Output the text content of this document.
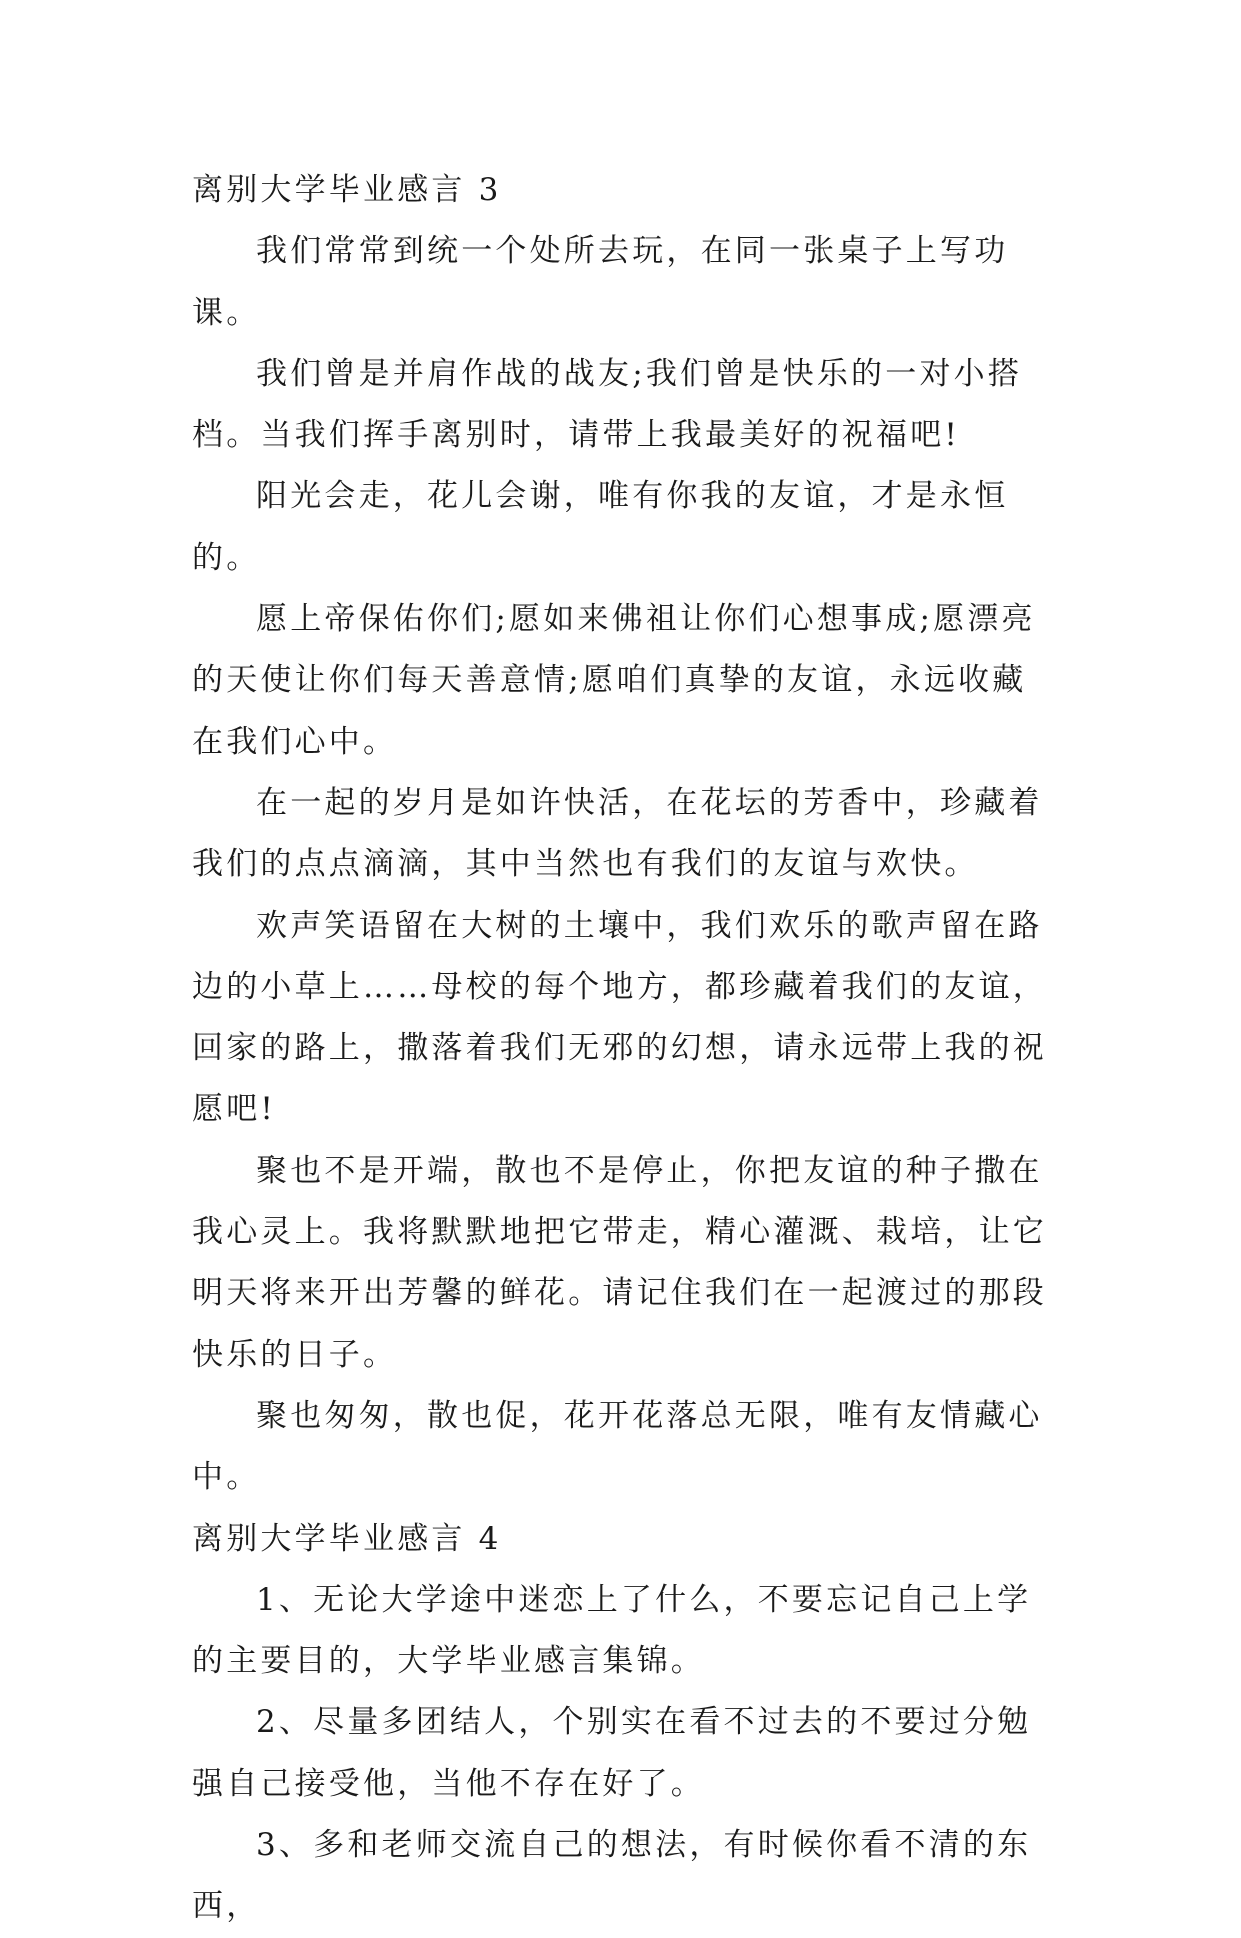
离别大学毕业感言 3

我们常常到统一个处所去玩，在同一张桌子上写功课。

我们曾是并肩作战的战友;我们曾是快乐的一对小搭档。当我们挥手离别时，请带上我最美好的祝福吧!

阳光会走，花儿会谢，唯有你我的友谊，才是永恒的。

愿上帝保佑你们;愿如来佛祖让你们心想事成;愿漂亮的天使让你们每天善意情;愿咱们真挚的友谊，永远收藏在我们心中。

在一起的岁月是如许快活，在花坛的芳香中，珍藏着我们的点点滴滴，其中当然也有我们的友谊与欢快。

欢声笑语留在大树的土壤中，我们欢乐的歌声留在路边的小草上……母校的每个地方，都珍藏着我们的友谊，回家的路上，撒落着我们无邪的幻想，请永远带上我的祝愿吧!

聚也不是开端，散也不是停止，你把友谊的种子撒在我心灵上。我将默默地把它带走，精心灌溉、栽培，让它明天将来开出芳馨的鲜花。请记住我们在一起渡过的那段快乐的日子。

聚也匆匆，散也促，花开花落总无限，唯有友情藏心中。

离别大学毕业感言 4

1、无论大学途中迷恋上了什么，不要忘记自己上学的主要目的，大学毕业感言集锦。

2、尽量多团结人，个别实在看不过去的不要过分勉强自己接受他，当他不存在好了。

3、多和老师交流自己的想法，有时候你看不清的东西，
